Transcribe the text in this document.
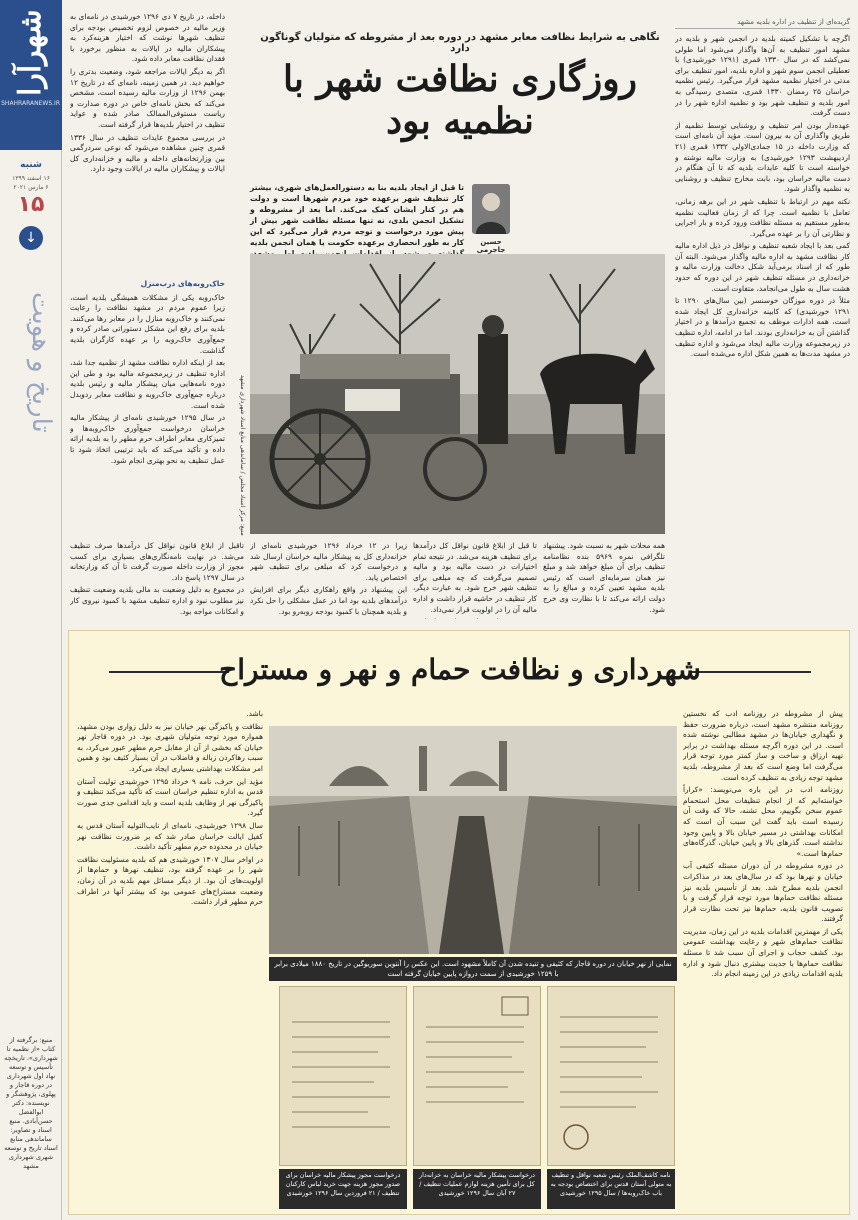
شهرآرا
SHAHRARANEWS.IR
شنبه
۱۶ اسفند ۱۳۹۹
۶ مارس ۲۰۲۱
۱۵
↓
تاریخ و هویت
منبع: برگرفته از کتاب «از نظمیه تا شهرداری»، تاریخچه تأسیس و توسعه نهاد اول شهرداری در دوره قاجار و پهلوی، پژوهشگر و نویسنده: دکتر ابوالفضل حسن‌آبادی. منبع اسناد و تصاویر: ساماندهی منابع اسناد تاریخ و توسعه شهری شهرداری مشهد
گزیده‌ای از تنظیف در اداره بلدیه مشهد

اگرچه با تشکیل کمیته بلدیه در انجمن شهر و بلدیه در مشهد امور تنظیف به آن‌ها واگذار می‌شود اما طولی نمی‌کشد که در سال ۱۳۳۰ قمری (۱۲۹۱ خورشیدی) با تعطیلی انجمن سوم شهر و اداره بلدیه، امور تنظیف برای مدتی در اختیار نظمیه مشهد قرار می‌گیرد. رئیس نظمیه خراسان ۲۵ رمضان ۱۳۳۰ قمری، متصدی رسیدگی به امور بلدیه و تنظیف شهر بود و نظمیه اداره شهر را در دست گرفت.

عهده‌دار بودن امر تنظیف و روشنایی توسط نظمیه از طریق واگذاری آن به بیرون است. مؤید آن نامه‌ای است که وزارت داخله در ۱۵ جمادی‌الاولی ۱۳۳۲ قمری (۲۱ اردیبهشت ۱۲۹۳ خورشیدی) به وزارت مالیه نوشته و خواسته است تا کلیه عایدات بلدیه که تا آن هنگام در دست مالیه خراسان بود، بابت مخارج تنظیف و روشنایی به نظمیه واگذار شود.

نکته مهم در ارتباط با تنظیف شهر در این برهه زمانی، تعامل با نظمیه است. چرا که از زمان فعالیت نظمیه به‌طور مستقیم به مسئله نظافت ورود کرده و بار اجرایی و نظارتی آن را بر عهده می‌گیرد.

کمی بعد با ایجاد شعبه تنظیف و نواقل در ذیل اداره مالیه کار نظافت مشهد به اداره مالیه واگذار می‌شود. البته آن طور که از اسناد برمی‌آید شکل دخالت وزارت مالیه و خزانه‌داری در مسئله تنظیف شهر در این دوره که حدود هشت سال به طول می‌انجامد، متفاوت است.

مثلاً در دوره موزگان خوسنسر (بین سال‌های ۱۲۹۰ تا ۱۲۹۱ خورشیدی) که کابینه خزانه‌داری کل ایجاد شده است، همه ادارات موظف به تجمیع درآمدها و در اختیار گذاشتن آن به خزانه‌داری بودند. اما در ادامه، اداره تنظیف در زیرمجموعه وزارت مالیه ایجاد می‌شود و اداره تنظیف در مشهد مدت‌ها به همین شکل اداره می‌شده است.

نگاهی به شرایط نظافت معابر مشهد در دوره بعد از مشروطه که متولیان گوناگون دارد
روزگاری نظافت شهر با نظمیه بود
تا قبل از ایجاد بلدیه بنا به دستورالعمل‌های شهری، بیشتر کار تنظیف شهر برعهده خود مردم شهرها است و دولت هم در کنار ایشان کمک می‌کند. اما بعد از مشروطه و تشکیل انجمن بلدی، نه تنها مسئله نظافت شهر بیش از پیش مورد درخواست و توجه مردم قرار می‌گیرد که این کار به طور انحصاری برعهده حکومت یا همان انجمن بلدیه	حسین جاجرمی
منبع: مرکز اسناد مجلس / ساماندهی منابع اسناد شهرداری مشهد

همه محلات شهر به نسبت شود. پیشنهاد تلگرافی نمره ۵۹۶۹ بنده نظامنامه تنظیف برای آن مبلغ خواهد شد و مبلغ نیز همان سرمایه‌ای است که رئیس بلدیه مشهد تعیین کرده و مبالغ را به دولت ارائه می‌کند تا با نظارت وی خرج شود.

تا قبل از ابلاغ قانون نواقل کل درآمدها برای تنظیف هزینه می‌شد. در نتیجه تمام اختیارات در دست مالیه بود و مالیه تصمیم می‌گرفت که چه مبلغی برای تنظیف شهر خرج شود. به عبارت دیگر، کار تنظیف در حاشیه قرار داشت و اداره مالیه آن را در اولویت قرار نمی‌داد.

زیرا در ۱۲ خرداد ۱۲۹۶ خورشیدی نامه‌ای از خزانه‌داری کل به پیشکار مالیه خراسان ارسال شد و درخواست کرد که مبلغی برای تنظیف شهر اختصاص یابد.

این پیشنهاد در واقع راهکاری دیگر برای افزایش درآمدهای بلدیه بود اما در عمل مشکلی را حل نکرد و بلدیه همچنان با کمبود بودجه روبه‌رو بود.

داخله، در تاریخ ۷ دی ۱۲۹۶ خورشیدی در نامه‌ای به وزیر مالیه در خصوص لزوم تخصیص بودجه برای تنظیف شهرها نوشت که اختیار هزینه‌کرد به پیشکاران مالیه در ایالات به منظور برخورد با فقدان نظافت معابر داده شود.

اگر به دیگر ایالات مراجعه شود، وضعیت بدتری را خواهیم دید. در همین زمینه، نامه‌ای که در تاریخ ۱۲ بهمن ۱۲۹۶ از وزارت مالیه رسیده است، مشخص می‌کند که بخش نامه‌ای خاص در دوره صدارت و ریاست مستوفی‌الممالک صادر شده و عواید تنظیف در اختیار بلدیه‌ها قرار گرفته است.

در بررسی مجموع عایدات تنظیف در سال ۱۳۳۶ قمری چنین مشاهده می‌شود که نوعی سردرگمی بین وزارتخانه‌های داخله و مالیه و خزانه‌داری کل ایالات و پیشکاران مالیه در ایالات وجود دارد.

خاک‌روبه‌های درب‌منزل

خاک‌روبه یکی از مشکلات همیشگی بلدیه است، زیرا عموم مردم در مشهد نظافت را رعایت نمی‌کنند و خاک‌روبه منازل را در معابر رها می‌کنند. بلدیه برای رفع این مشکل دستوراتی صادر کرده و جمع‌آوری خاک‌روبه را بر عهده کارگران بلدیه گذاشت.

بعد از اینکه اداره نظافت مشهد از نظمیه جدا شد، اداره تنظیف در زیرمجموعه مالیه بود و طی این دوره نامه‌هایی میان پیشکار مالیه و رئیس بلدیه درباره جمع‌آوری خاک‌روبه و نظافت معابر ردوبدل شده است.

در سال ۱۲۹۵ خورشیدی نامه‌ای از پیشکار مالیه خراسان درخواست جمع‌آوری خاک‌روبه‌ها و تمیزکاری معابر اطراف حرم مطهر را به بلدیه ارائه داده و تأکید می‌کند که باید ترتیبی اتخاذ شود تا عمل تنظیف به نحو بهتری انجام شود.

تاقبل از ابلاغ قانون نواقل کل درآمدها صرف تنظیف می‌شد. در نهایت نامه‌نگاری‌های بسیاری برای کسب مجوز از وزارت داخله صورت گرفت تا آن که وزارتخانه در سال ۱۲۹۷ پاسخ داد.

در مجموع به دلیل وضعیت بد مالی بلدیه وضعیت تنظیف نیز مطلوب نبود و اداره تنظیف مشهد با کمبود نیروی کار و امکانات مواجه بود.

شهرداری و نظافت حمام و نهر و مستراح

پیش از مشروطه در روزنامه ادب که نخستین روزنامه منتشره مشهد است، درباره ضرورت حفظ و نگهداری خیابان‌ها در مشهد مطالبی نوشته شده است. در این دوره اگرچه مسئله بهداشت در برابر تهیه ارزاق و ساخت و ساز کمتر مورد توجه قرار می‌گرفت اما وضع است که بعد از مشروطه، بلدیه مشهد توجه زیادی به تنظیف کرده است.

روزنامه ادب در این باره می‌نویسد: «کراراً خواسته‌ایم که از انجام تنظیفات محل استحمام عموم سخن بگوییم، محل تشنه، حالا که وقت آن رسیده است باید گفت این سبب آن است که امکانات بهداشتی در مسیر خیابان بالا و پایین وجود نداشته است. گذرهای بالا و پایین خیابان، گذرگاه‌های حمام‌ها است.»

در دوره مشروطه در آن دوران مسئله کثیفی آب خیابان و نهرها بود که در سال‌های بعد در مذاکرات انجمن بلدیه مطرح شد. بعد از تأسیس بلدیه نیز مسئله نظافت حمام‌ها مورد توجه قرار گرفت و با تصویب قانون بلدیه، حمام‌ها نیز تحت نظارت قرار گرفتند.

یکی از مهمترین اقدامات بلدیه در این زمان، مدیریت نظافت حمام‌های شهر و رعایت بهداشت عمومی بود. کشف حجاب و اجرای آن سبب شد تا مسئله نظافت حمام‌ها با جدیت بیشتری دنبال شود و اداره بلدیه اقدامات زیادی در این زمینه انجام داد.

باشد.

نظافت و پاکیزگی نهر خیابان نیز به دلیل زواری بودن مشهد، همواره مورد توجه متولیان شهری بود. در دوره قاجار نهر خیابان که بخشی از آن از مقابل حرم مطهر عبور می‌کرد، به سبب رهاکردن زباله و فاضلاب در آن بسیار کثیف بود و همین امر مشکلات بهداشتی بسیاری ایجاد می‌کرد.

مؤید این حرف، نامه ۹ خرداد ۱۲۹۵ خورشیدی تولیت آستان قدس به اداره تنظیم خراسان است که تأکید می‌کند تنظیف و پاکیزگی نهر از وظایف بلدیه است و باید اقدامی جدی صورت گیرد.

سال ۱۲۹۸ خورشیدی، نامه‌ای از نایب‌التولیه آستان قدس به کفیل ایالت خراسان صادر شد که بر ضرورت نظافت نهر خیابان در محدوده حرم مطهر تأکید داشت.

در اواخر سال ۱۳۰۷ خورشیدی هم که بلدیه مسئولیت نظافت شهر را بر عهده گرفته بود، تنظیف نهرها و حمام‌ها از اولویت‌های آن بود. از دیگر مسائل مهم بلدیه در آن زمان، وضعیت مستراح‌های عمومی بود که بیشتر آنها در اطراف حرم مطهر قرار داشت.

نمایی از نهر خیابان در دوره قاجار که کثیفی و تنیده شدن آن کاملاً مشهود است. این عکس را آنتوین سوریوگین در تاریخ ۱۸۸۰ میلادی برابر با ۱۲۵۹ خورشیدی از سمت دروازه پایین خیابان گرفته است
نامه کاشف‌الملک رئیس شعبه نواقل و تنظیف به متولی آستان قدس برای اختصاص بودجه به باب خاک‌روبه‌ها / سال ۱۲۹۵ خورشیدی
درخواست پیشکار مالیه خراسان به خزانه‌دار کل برای تأمین هزینه لوازم عملیات تنظیف / ۲۷ آبان سال ۱۲۹۶ خورشیدی
درخواست مجوز پیشکار مالیه خراسان برای صدور مجوز هزینه جهت خرید لباس کارکنان تنظیف / ۲۱ فروردین سال ۱۲۹۶ خورشیدی
